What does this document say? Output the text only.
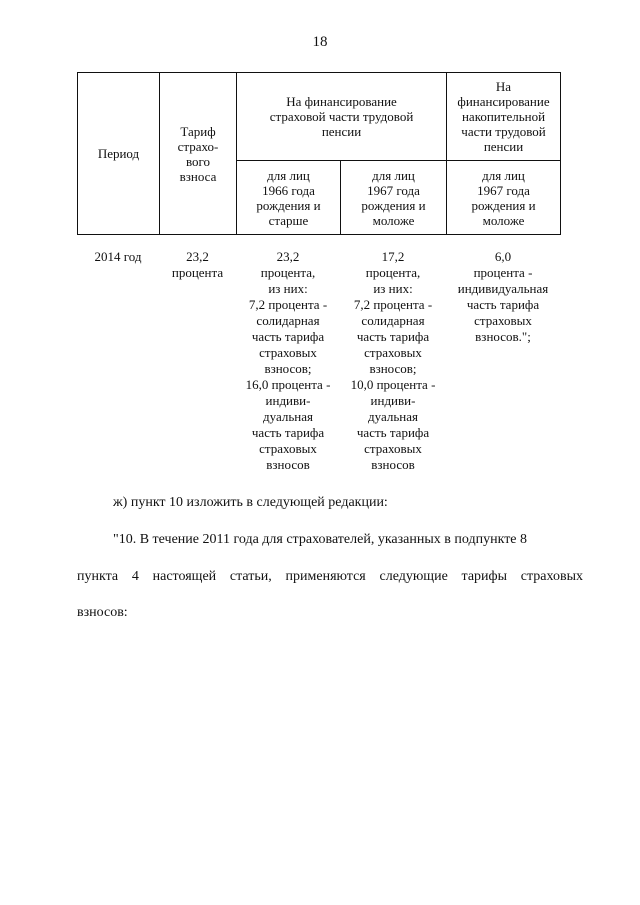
18
Период	Тариф
страхо-
вого
взноса	На финансирование
страховой части трудовой
пенсии		На
финансирование
накопительной
части трудовой
пенсии
		для лиц
1966 года
рождения и
старше	для лиц
1967 года
рождения и
моложе	для лиц
1967 года
рождения и
моложе
2014 год	23,2
процента	23,2
процента,
из них:
7,2 процента -
солидарная
часть тарифа
страховых
взносов;
16,0 процента -
индиви-
дуальная
часть тарифа
страховых
взносов	17,2
процента,
из них:
7,2 процента -
солидарная
часть тарифа
страховых
взносов;
10,0 процента -
индиви-
дуальная
часть тарифа
страховых
взносов	6,0
процента -
индивидуальная
часть тарифа
страховых
взносов.";
ж) пункт 10 изложить в следующей редакции:
"10. В течение 2011 года для страхователей, указанных в подпункте 8
пункта 4 настоящей статьи, применяются следующие тарифы страховых
взносов:
